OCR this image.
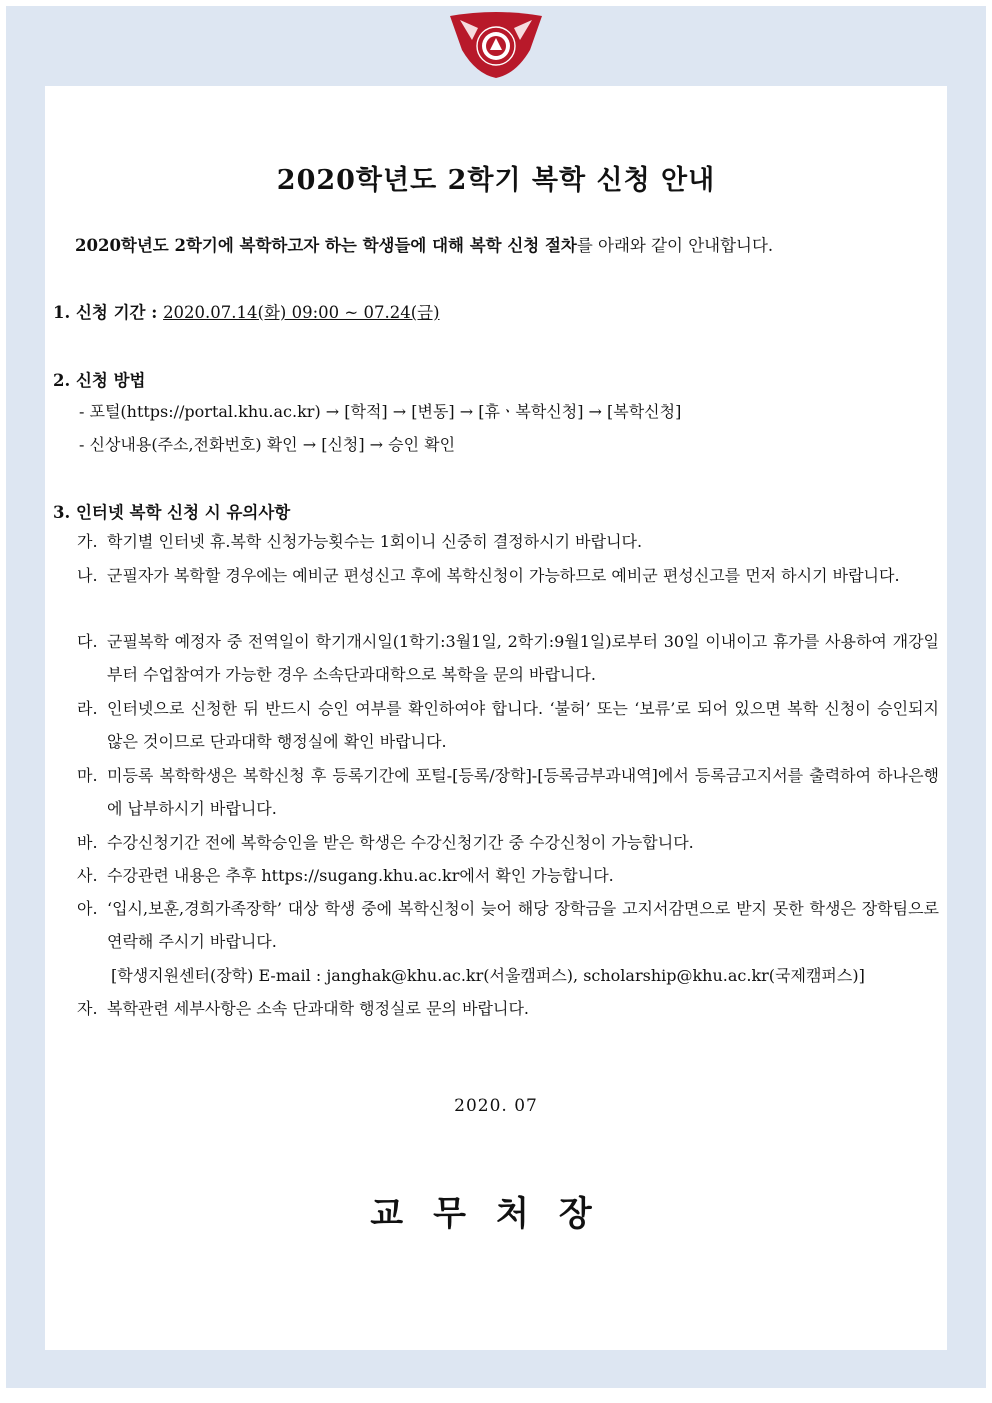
2020학년도 2학기 복학 신청 안내
2020학년도 2학기에 복학하고자 하는 학생들에 대해 복학 신청 절차를 아래와 같이 안내합니다.
1. 신청 기간 : 2020.07.14(화) 09:00 ~ 07.24(금)
2. 신청 방법
- 포털(https://portal.khu.ac.kr) → [학적] → [변동] → [휴ㆍ복학신청] → [복학신청]
- 신상내용(주소,전화번호) 확인 → [신청] → 승인 확인
3. 인터넷 복학 신청 시 유의사항
가. 학기별 인터넷 휴.복학 신청가능횟수는 1회이니 신중히 결정하시기 바랍니다.
나. 군필자가 복학할 경우에는 예비군 편성신고 후에 복학신청이 가능하므로 예비군 편성신고를 먼저 하시기 바랍니다.
다. 군필복학 예정자 중 전역일이 학기개시일(1학기:3월1일, 2학기:9월1일)로부터 30일 이내이고 휴가를 사용하여 개강일부터 수업참여가 가능한 경우 소속단과대학으로 복학을 문의 바랍니다.
라. 인터넷으로 신청한 뒤 반드시 승인 여부를 확인하여야 합니다. ‘불허’ 또는 ‘보류’로 되어 있으면 복학 신청이 승인되지 않은 것이므로 단과대학 행정실에 확인 바랍니다.
마. 미등록 복학학생은 복학신청 후 등록기간에 포털-[등록/장학]-[등록금부과내역]에서 등록금고지서를 출력하여 하나은행에 납부하시기 바랍니다.
바. 수강신청기간 전에 복학승인을 받은 학생은 수강신청기간 중 수강신청이 가능합니다.
사. 수강관련 내용은 추후 https://sugang.khu.ac.kr에서 확인 가능합니다.
아. ‘입시,보훈,경희가족장학’ 대상 학생 중에 복학신청이 늦어 해당 장학금을 고지서감면으로 받지 못한 학생은 장학팀으로 연락해 주시기 바랍니다.
[학생지원센터(장학) E-mail : janghak@khu.ac.kr(서울캠퍼스), scholarship@khu.ac.kr(국제캠퍼스)]
자. 복학관련 세부사항은 소속 단과대학 행정실로 문의 바랍니다.
2020. 07
교무처장
